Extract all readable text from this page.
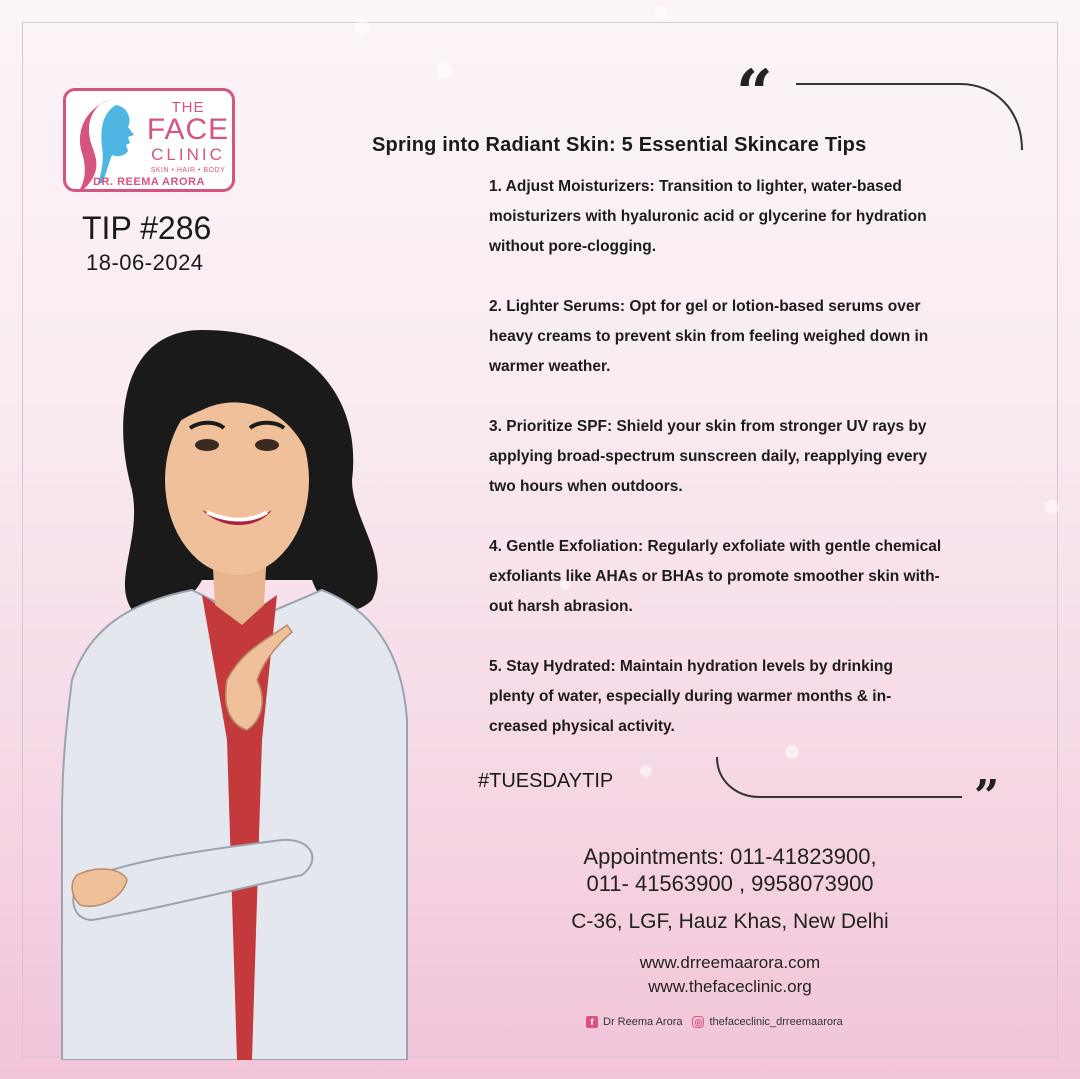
THE
FACE
CLINIC
SKIN • HAIR • BODY
DR. REEMA ARORA
TIP #286
18-06-2024
“
”
Spring into Radiant Skin: 5 Essential Skincare Tips
1. Adjust Moisturizers: Transition to lighter, water-based
moisturizers with hyaluronic acid or glycerine for hydration
without pore-clogging.
2. Lighter Serums: Opt for gel or lotion-based serums over
heavy creams to prevent skin from feeling weighed down in
warmer weather.
3. Prioritize SPF: Shield your skin from stronger UV rays by
applying broad-spectrum sunscreen daily, reapplying every
two hours when outdoors.
4. Gentle Exfoliation: Regularly exfoliate with gentle chemical
exfoliants like AHAs or BHAs to promote smoother skin with-
out harsh abrasion.
5. Stay Hydrated: Maintain hydration levels by drinking
plenty of water, especially during warmer months & in-
creased physical activity.
#TUESDAYTIP
Appointments: 011-41823900,
011- 41563900 , 9958073900
C-36, LGF, Hauz Khas, New Delhi
www.drreemaarora.com
www.thefaceclinic.org
f Dr Reema Arora ◎ thefaceclinic_drreemaarora
